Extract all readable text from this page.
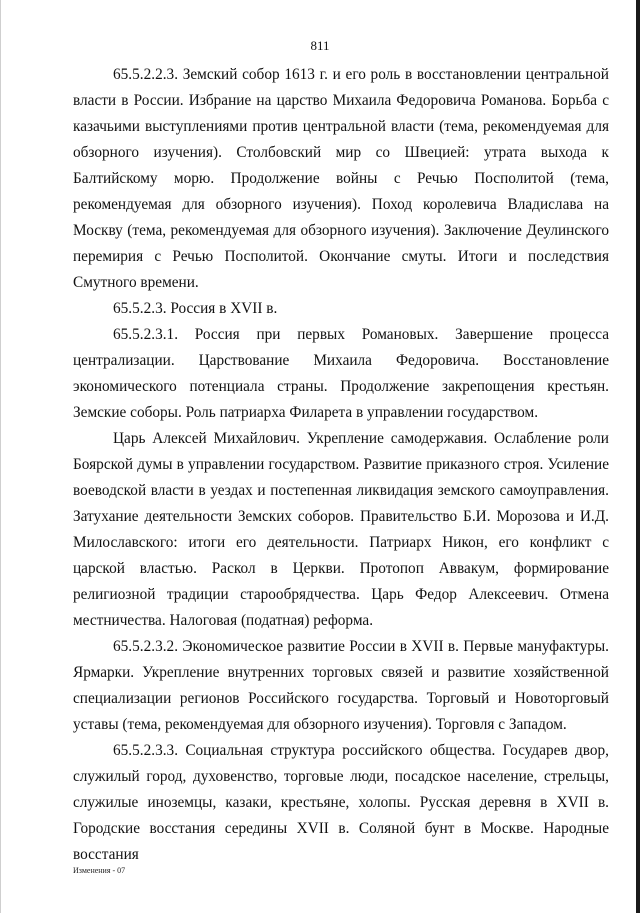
811

65.5.2.2.3. Земский собор 1613 г. и его роль в восстановлении центральной власти в России. Избрание на царство Михаила Федоровича Романова. Борьба с казачьими выступлениями против центральной власти (тема, рекомендуемая для обзорного изучения). Столбовский мир со Швецией: утрата выхода к Балтийскому морю. Продолжение войны с Речью Посполитой (тема, рекомендуемая для обзорного изучения). Поход королевича Владислава на Москву (тема, рекомендуемая для обзорного изучения). Заключение Деулинского перемирия с Речью Посполитой. Окончание смуты. Итоги и последствия Смутного времени.

65.5.2.3. Россия в XVII в.

65.5.2.3.1. Россия при первых Романовых. Завершение процесса централизации. Царствование Михаила Федоровича. Восстановление экономического потенциала страны. Продолжение закрепощения крестьян. Земские соборы. Роль патриарха Филарета в управлении государством.

Царь Алексей Михайлович. Укрепление самодержавия. Ослабление роли Боярской думы в управлении государством. Развитие приказного строя. Усиление воеводской власти в уездах и постепенная ликвидация земского самоуправления. Затухание деятельности Земских соборов. Правительство Б.И. Морозова и И.Д. Милославского: итоги его деятельности. Патриарх Никон, его конфликт с царской властью. Раскол в Церкви. Протопоп Аввакум, формирование религиозной традиции старообрядчества. Царь Федор Алексеевич. Отмена местничества. Налоговая (податная) реформа.

65.5.2.3.2. Экономическое развитие России в XVII в. Первые мануфактуры. Ярмарки. Укрепление внутренних торговых связей и развитие хозяйственной специализации регионов Российского государства. Торговый и Новоторговый уставы (тема, рекомендуемая для обзорного изучения). Торговля с Западом.

65.5.2.3.3. Социальная структура российского общества. Государев двор, служилый город, духовенство, торговые люди, посадское население, стрельцы, служилые иноземцы, казаки, крестьяне, холопы. Русская деревня в XVII в. Городские восстания середины XVII в. Соляной бунт в Москве. Народные восстания

Изменения - 07
